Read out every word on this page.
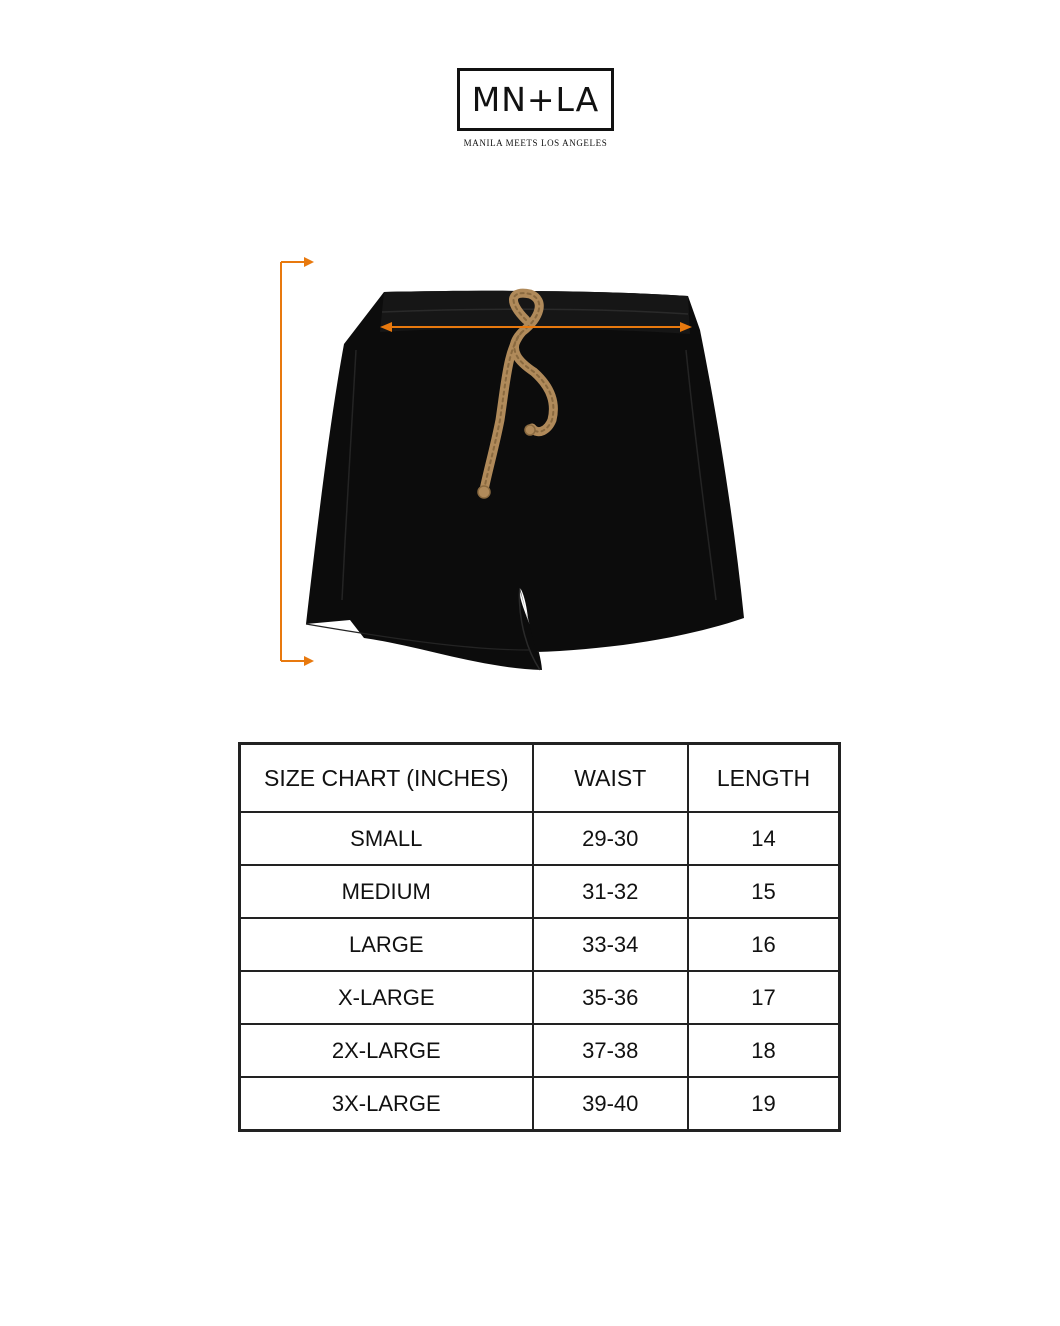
MN+LA
MANILA MEETS LOS ANGELES
SIZE CHART (INCHES)	WAIST	LENGTH
SMALL	29-30	14
MEDIUM	31-32	15
LARGE	33-34	16
X-LARGE	35-36	17
2X-LARGE	37-38	18
3X-LARGE	39-40	19
